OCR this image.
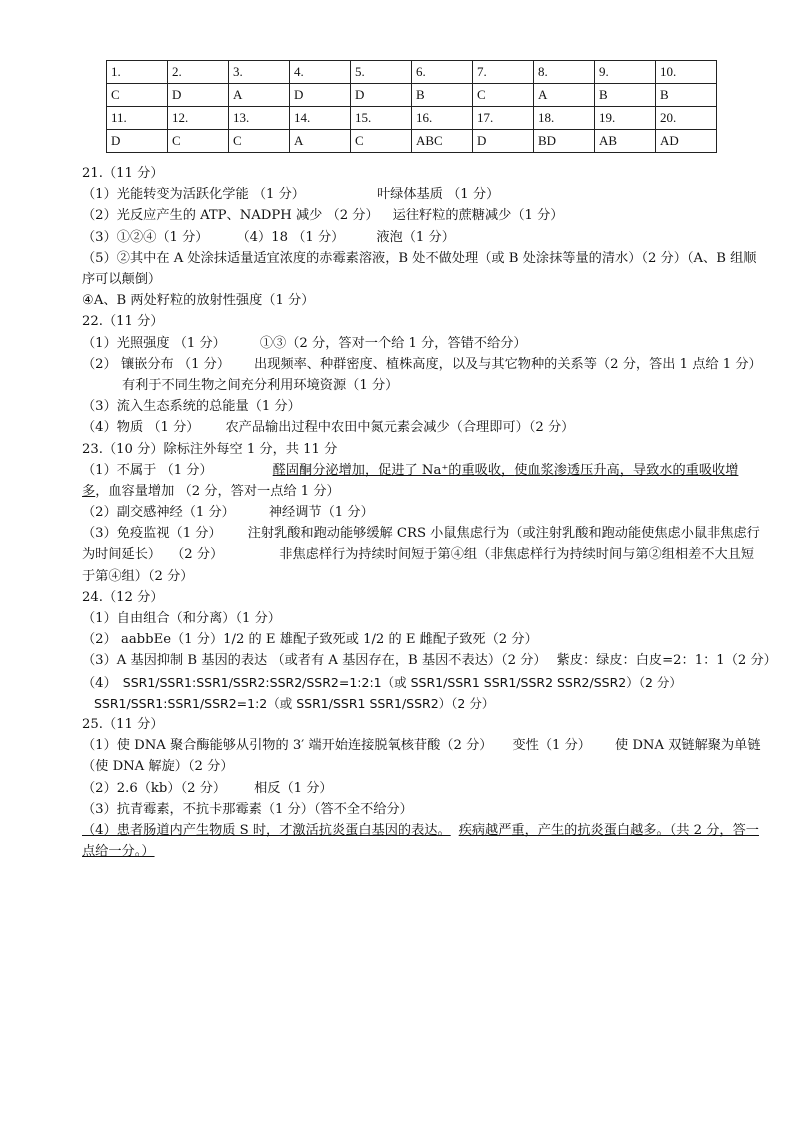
1.	2.	3.	4.	5.	6.	7.	8.	9.	10.
C	D	A	D	D	B	C	A	B	B
11.	12.	13.	14.	15.	16.	17.	18.	19.	20.
D	C	C	A	C	ABC	D	BD	AB	AD
21.（11 分）
（1）光能转变为活跃化学能 （1 分）	叶绿体基质 （1 分）
（2）光反应产生的 ATP、NADPH 减少 （2 分） 运往籽粒的蔗糖减少（1 分）
（3）①②④（1 分） （4）18 （1 分） 液泡（1 分）
（5）②其中在 A 处涂抹适量适宜浓度的赤霉素溶液，B 处不做处理（或 B 处涂抹等量的清水）（2 分）（A、B 组顺序可以颠倒）
④A、B 两处籽粒的放射性强度（1 分）
22.（11 分）
（1）光照强度 （1 分）	①③（2 分，答对一个给 1 分，答错不给分）
（2） 镶嵌分布 （1 分） 出现频率、种群密度、植株高度，以及与其它物种的关系等（2 分，答出 1 点给 1 分）有利于不同生物之间充分利用环境资源（1 分）
（3）流入生态系统的总能量（1 分）
（4）物质 （1 分） 农产品输出过程中农田中氮元素会减少（合理即可）（2 分）
23.（10 分）除标注外每空 1 分，共 11 分
（1）不属于 （1 分）	醛固酮分泌增加，促进了 Na⁺的重吸收，使血浆渗透压升高，导致水的重吸收增多，血容量增加 （2 分，答对一点给 1 分）
（2）副交感神经（1 分）	神经调节（1 分）
（3）免疫监视（1 分） 注射乳酸和跑动能够缓解 CRS 小鼠焦虑行为（或注射乳酸和跑动能使焦虑小鼠非焦虑行为时间延长） （2 分）	非焦虑样行为持续时间短于第④组（非焦虑样行为持续时间与第②组相差不大且短于第④组）（2 分）
24.（12 分）
（1）自由组合（和分离）（1 分）
（2） aabbEe（1 分）1/2 的 E 雄配子致死或 1/2 的 E 雌配子致死（2 分）
（3）A 基因抑制 B 基因的表达 （或者有 A 基因存在，B 基因不表达）（2 分） 紫皮：绿皮：白皮=2：1：1（2 分）
（4） SSR1/SSR1:SSR1/SSR2:SSR2/SSR2=1:2:1（或 SSR1/SSR1 SSR1/SSR2 SSR2/SSR2）（2 分）
SSR1/SSR1:SSR1/SSR2=1:2（或 SSR1/SSR1 SSR1/SSR2）（2 分）
25.（11 分）
（1）使 DNA 聚合酶能够从引物的 3′ 端开始连接脱氧核苷酸（2 分） 变性（1 分） 使 DNA 双链解聚为单链（使 DNA 解旋）（2 分）
（2）2.6（kb）（2 分） 相反（1 分）
（3）抗青霉素，不抗卡那霉素（1 分）（答不全不给分）
（4）患者肠道内产生物质 S 时，才激活抗炎蛋白基因的表达。 疾病越严重，产生的抗炎蛋白越多。（共 2 分，答一点给一分。）
